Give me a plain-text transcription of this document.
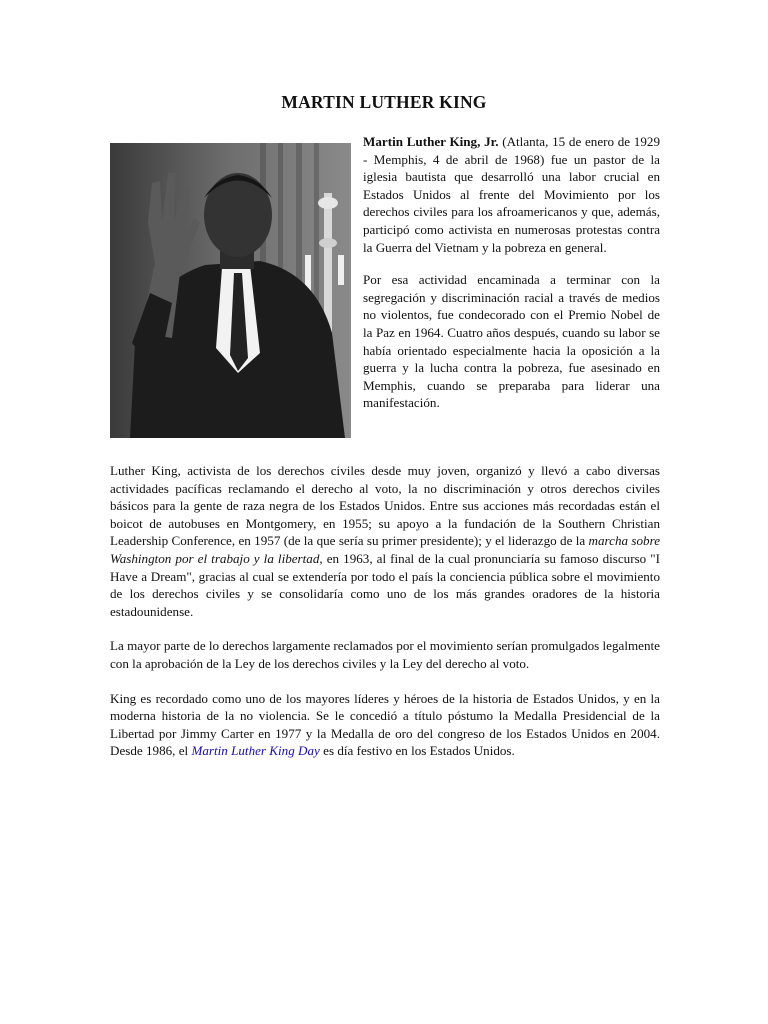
MARTIN LUTHER KING

Martin Luther King, Jr. (Atlanta, 15 de enero de 1929 - Memphis, 4 de abril de 1968) fue un pastor de la iglesia bautista que desarrolló una labor crucial en Estados Unidos al frente del Movimiento por los derechos civiles para los afroamericanos y que, además, participó como activista en numerosas protestas contra la Guerra del Vietnam y la pobreza en general.

Por esa actividad encaminada a terminar con la segregación y discriminación racial a través de medios no violentos, fue condecorado con el Premio Nobel de la Paz en 1964. Cuatro años después, cuando su labor se había orientado especialmente hacia la oposición a la guerra y la lucha contra la pobreza, fue asesinado en Memphis, cuando se preparaba para liderar una manifestación.

Luther King, activista de los derechos civiles desde muy joven, organizó y llevó a cabo diversas actividades pacíficas reclamando el derecho al voto, la no discriminación y otros derechos civiles básicos para la gente de raza negra de los Estados Unidos. Entre sus acciones más recordadas están el boicot de autobuses en Montgomery, en 1955; su apoyo a la fundación de la Southern Christian Leadership Conference, en 1957 (de la que sería su primer presidente); y el liderazgo de la marcha sobre Washington por el trabajo y la libertad, en 1963, al final de la cual pronunciaría su famoso discurso "I Have a Dream", gracias al cual se extendería por todo el país la conciencia pública sobre el movimiento de los derechos civiles y se consolidaría como uno de los más grandes oradores de la historia estadounidense.

La mayor parte de lo derechos largamente reclamados por el movimiento serían promulgados legalmente con la aprobación de la Ley de los derechos civiles y la Ley del derecho al voto.

King es recordado como uno de los mayores líderes y héroes de la historia de Estados Unidos, y en la moderna historia de la no violencia. Se le concedió a título póstumo la Medalla Presidencial de la Libertad por Jimmy Carter en 1977 y la Medalla de oro del congreso de los Estados Unidos en 2004. Desde 1986, el Martin Luther King Day es día festivo en los Estados Unidos.
